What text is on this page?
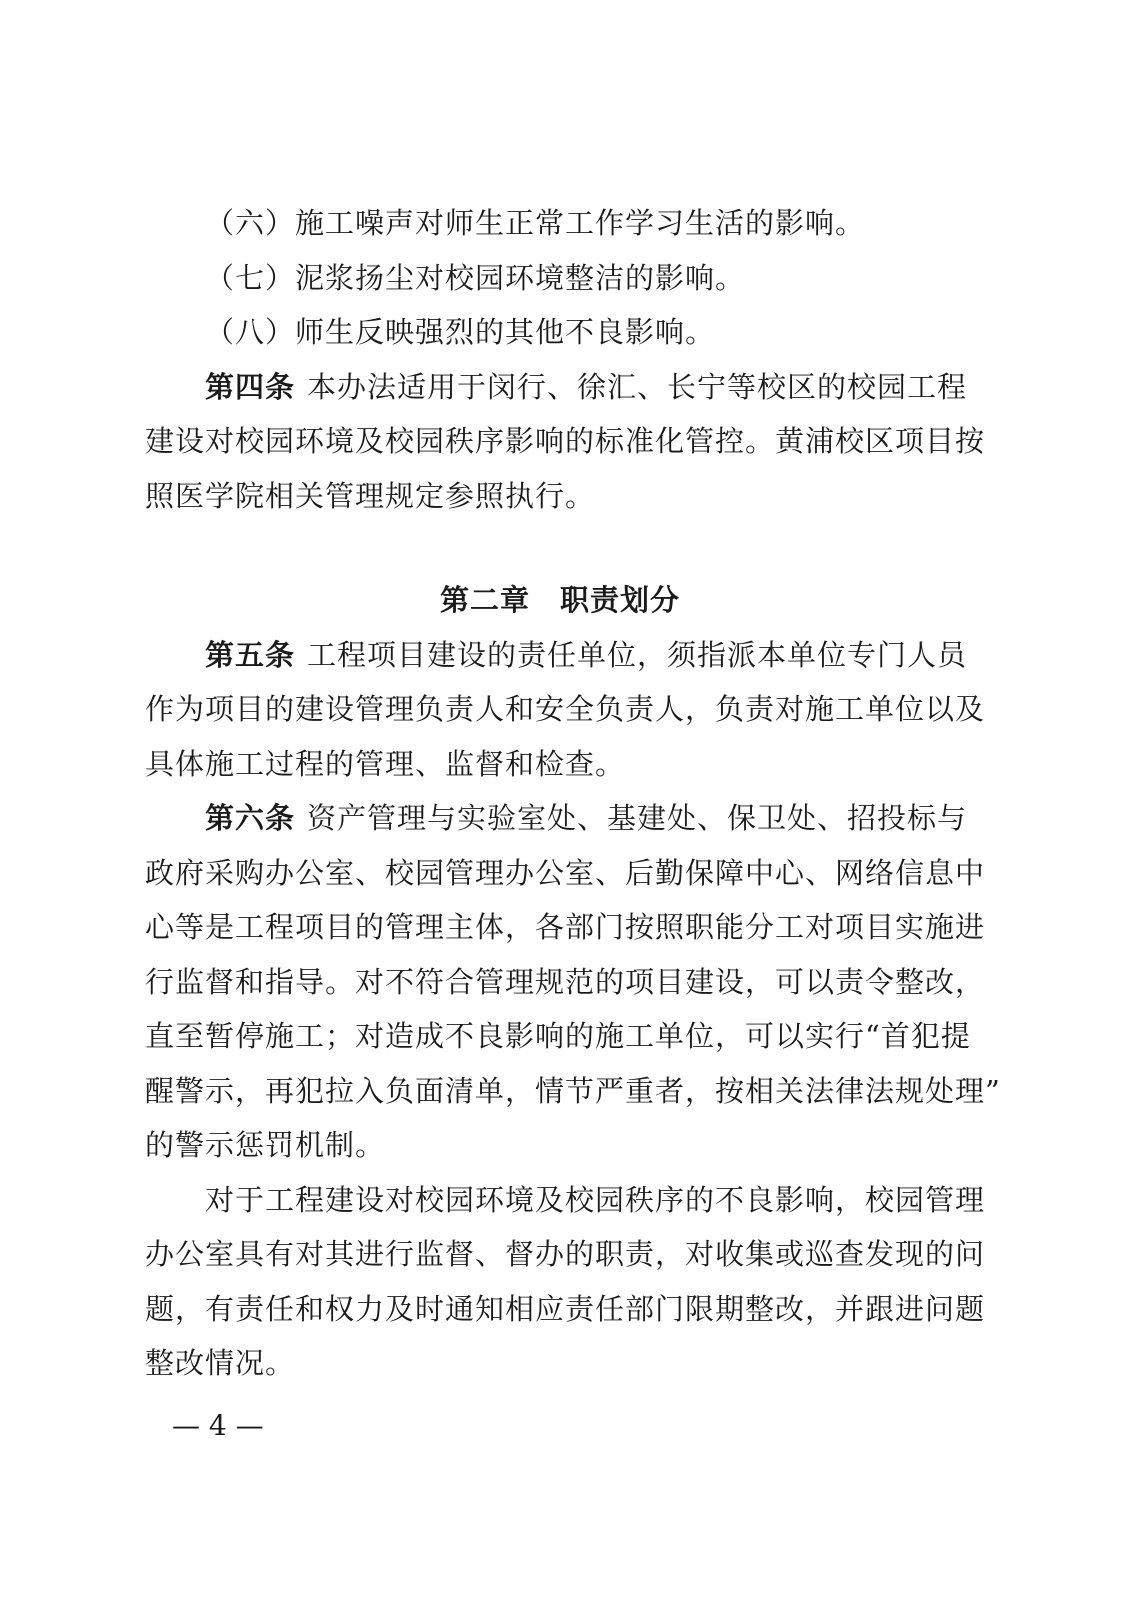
（六）施工噪声对师生正常工作学习生活的影响。
（七）泥浆扬尘对校园环境整洁的影响。
（八）师生反映强烈的其他不良影响。
第四条 本办法适用于闵行、徐汇、长宁等校区的校园工程
建设对校园环境及校园秩序影响的标准化管控。黄浦校区项目按
照医学院相关管理规定参照执行。
第二章　职责划分
第五条 工程项目建设的责任单位，须指派本单位专门人员
作为项目的建设管理负责人和安全负责人，负责对施工单位以及
具体施工过程的管理、监督和检查。
第六条 资产管理与实验室处、基建处、保卫处、招投标与
政府采购办公室、校园管理办公室、后勤保障中心、网络信息中
心等是工程项目的管理主体，各部门按照职能分工对项目实施进
行监督和指导。对不符合管理规范的项目建设，可以责令整改，
直至暂停施工；对造成不良影响的施工单位，可以实行“首犯提
醒警示，再犯拉入负面清单，情节严重者，按相关法律法规处理”
的警示惩罚机制。
对于工程建设对校园环境及校园秩序的不良影响，校园管理
办公室具有对其进行监督、督办的职责，对收集或巡查发现的问
题，有责任和权力及时通知相应责任部门限期整改，并跟进问题
整改情况。
— 4 —
